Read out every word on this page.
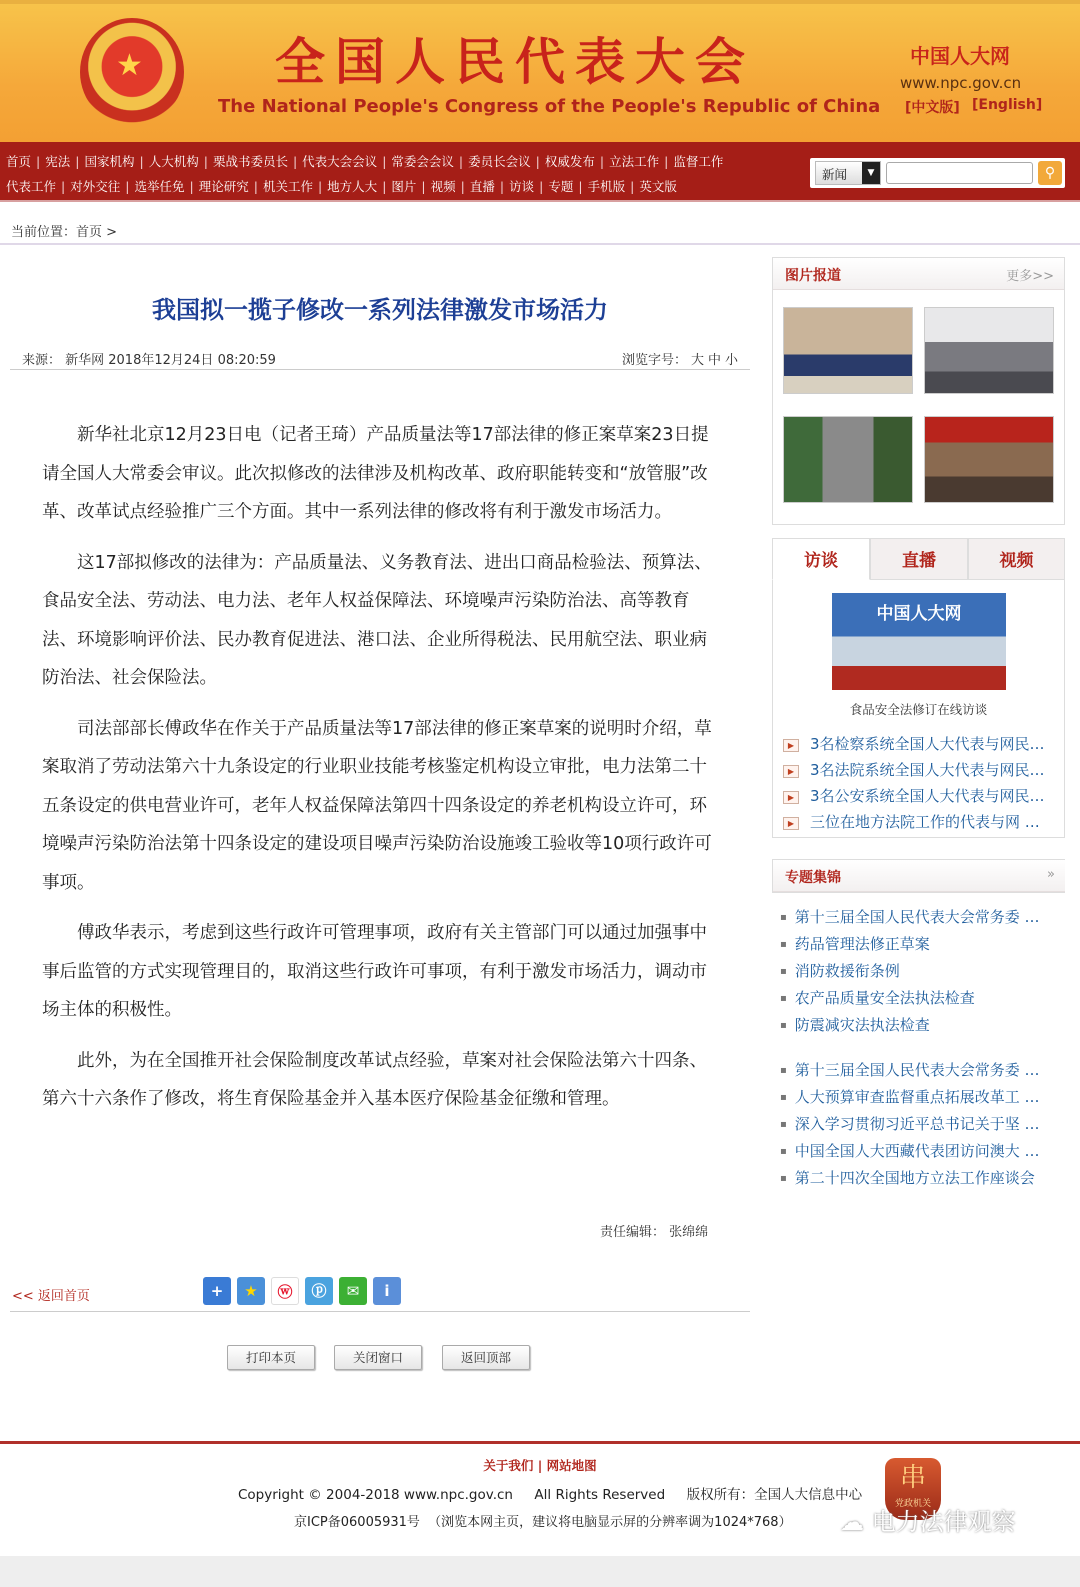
★	全国人民代表大会
The National People's Congress of the People's Republic of China
中国人大网
www.npc.gov.cn
[中文版] [English]
首页 | 宪法 | 国家机构 | 人大机构 | 栗战书委员长 | 代表大会会议 | 常委会会议 | 委员长会议 | 权威发布 | 立法工作 | 监督工作
代表工作 | 对外交往 | 选举任免 | 理论研究 | 机关工作 | 地方人大 | 图片 | 视频 | 直播 | 访谈 | 专题 | 手机版 | 英文版
新闻	▼	⚲
当前位置：首页 >
我国拟一揽子修改一系列法律激发市场活力
来源： 新华网 2018年12月24日 08:20:59	浏览字号： 大 中 小

新华社北京12月23日电（记者王琦）产品质量法等17部法律的修正案草案23日提请全国人大常委会审议。此次拟修改的法律涉及机构改革、政府职能转变和“放管服”改革、改革试点经验推广三个方面。其中一系列法律的修改将有利于激发市场活力。

这17部拟修改的法律为：产品质量法、义务教育法、进出口商品检验法、预算法、食品安全法、劳动法、电力法、老年人权益保障法、环境噪声污染防治法、高等教育法、环境影响评价法、民办教育促进法、港口法、企业所得税法、民用航空法、职业病防治法、社会保险法。

司法部部长傅政华在作关于产品质量法等17部法律的修正案草案的说明时介绍，草案取消了劳动法第六十九条设定的行业职业技能考核鉴定机构设立审批，电力法第二十五条设定的供电营业许可，老年人权益保障法第四十四条设定的养老机构设立许可，环境噪声污染防治法第十四条设定的建设项目噪声污染防治设施竣工验收等10项行政许可事项。

傅政华表示，考虑到这些行政许可管理事项，政府有关主管部门可以通过加强事中事后监管的方式实现管理目的，取消这些行政许可事项，有利于激发市场活力，调动市场主体的积极性。

此外，为在全国推开社会保险制度改革试点经验，草案对社会保险法第六十四条、第六十六条作了修改，将生育保险基金并入基本医疗保险基金征缴和管理。

责任编辑： 张绵绵
<< 返回首页	+	★	ⓦ	ⓟ	✉	i
打印本页	关闭窗口	返回顶部
图片报道	更多>>
访谈	直播	视频
中国人大网
食品安全法修订在线访谈
▶ 3名检察系统全国人大代表与网民…
▶ 3名法院系统全国人大代表与网民…
▶ 3名公安系统全国人大代表与网民…
▶ 三位在地方法院工作的代表与网 …
专题集锦	»
▪ 第十三届全国人民代表大会常务委 …
▪ 药品管理法修正草案
▪ 消防救援衔条例
▪ 农产品质量安全法执法检查
▪ 防震减灾法执法检查
▪ 第十三届全国人民代表大会常务委 …
▪ 人大预算审查监督重点拓展改革工 …
▪ 深入学习贯彻习近平总书记关于坚 …
▪ 中国全国人大西藏代表团访问澳大 …
▪ 第二十四次全国地方立法工作座谈会
关于我们 | 网站地图
Copyright © 2004-2018 www.npc.gov.cn     All Rights Reserved     版权所有：全国人大信息中心
京ICP备06005931号  （浏览本网主页，建议将电脑显示屏的分辨率调为1024*768）
串
党政机关
☁ 电力法律观察
